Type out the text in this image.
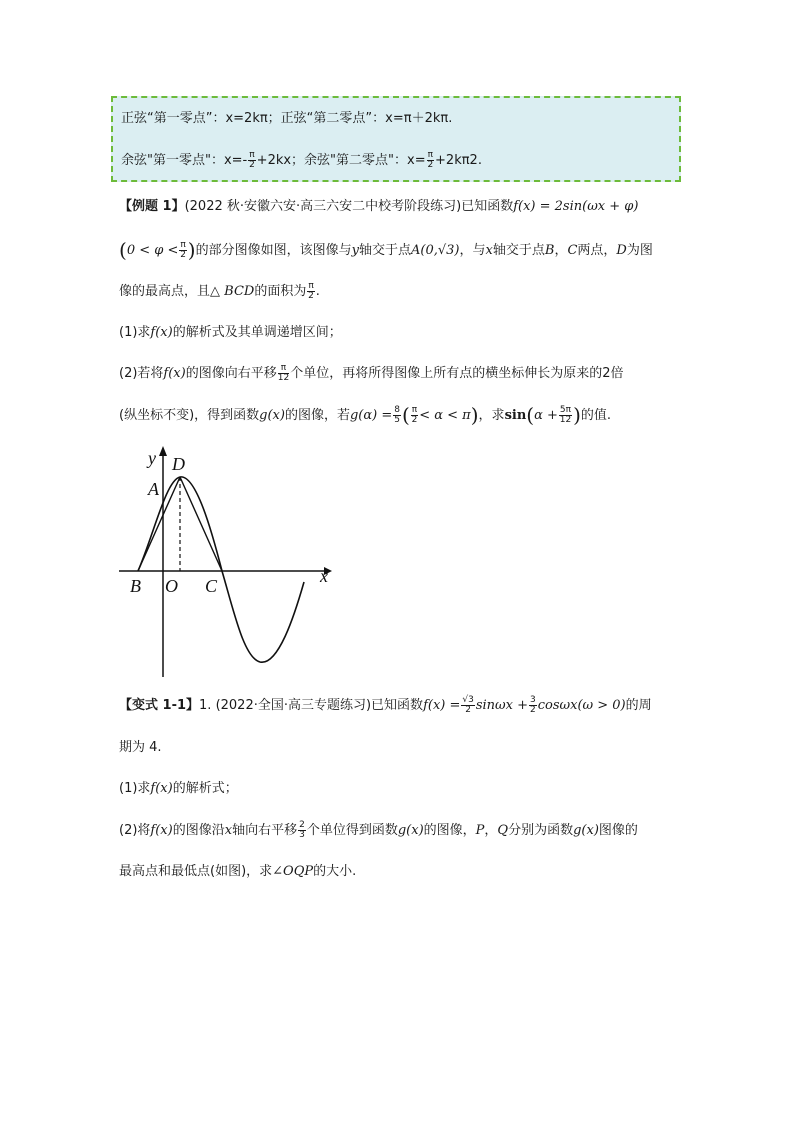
正弦“第一零点”：x=2kπ；正弦“第二零点”：x=π＋2kπ.
余弦"第一零点"：$x=- \frac{\pi}{2} +2kx$；余弦"第二零点"：$x= \frac{\pi}{2} +2k\pi 2$.
【例题 1】(2022 秋·安徽六安·高三六安二中校考阶段练习)已知函数f(x) = 2sin(ωx + φ)
($0 < \varphi < \frac{\pi}{2}$ )的部分图像如图，该图像与y轴交于点A(0,√3)，与x轴交于点B，C两点，D为图
像的最高点，且△ BCD的面积为 $\frac{\pi}{2}$ .
(1)求f(x)的解析式及其单调递增区间；
(2)若将f(x)的图像向右平移 $\frac{\pi}{12}$ 个单位，再将所得图像上所有点的横坐标伸长为原来的2倍
(纵坐标不变)，得到函数g(x)的图像，若$g(\alpha) = \frac{8}{5}$ ( $\frac{\pi}{2} < \alpha < \pi$)，求$\sin(\alpha + \frac{5\pi}{12}$ )的值.
y D
A
x
B O C
【变式 1-1】1. (2022·全国·高三专题练习)已知函数$f(x) = \frac{√3}{2}$ $\sin\omega x + \frac{3}{2} \cos\omega x(\omega > 0)$的周
期为 4.
(1)求f(x)的解析式；
(2)将f(x)的图像沿x轴向右平移 $\frac{2}{3}$ 个单位得到函数g(x)的图像，P，Q分别为函数g(x)图像的
最高点和最低点(如图)，求∠OQP的大小.
